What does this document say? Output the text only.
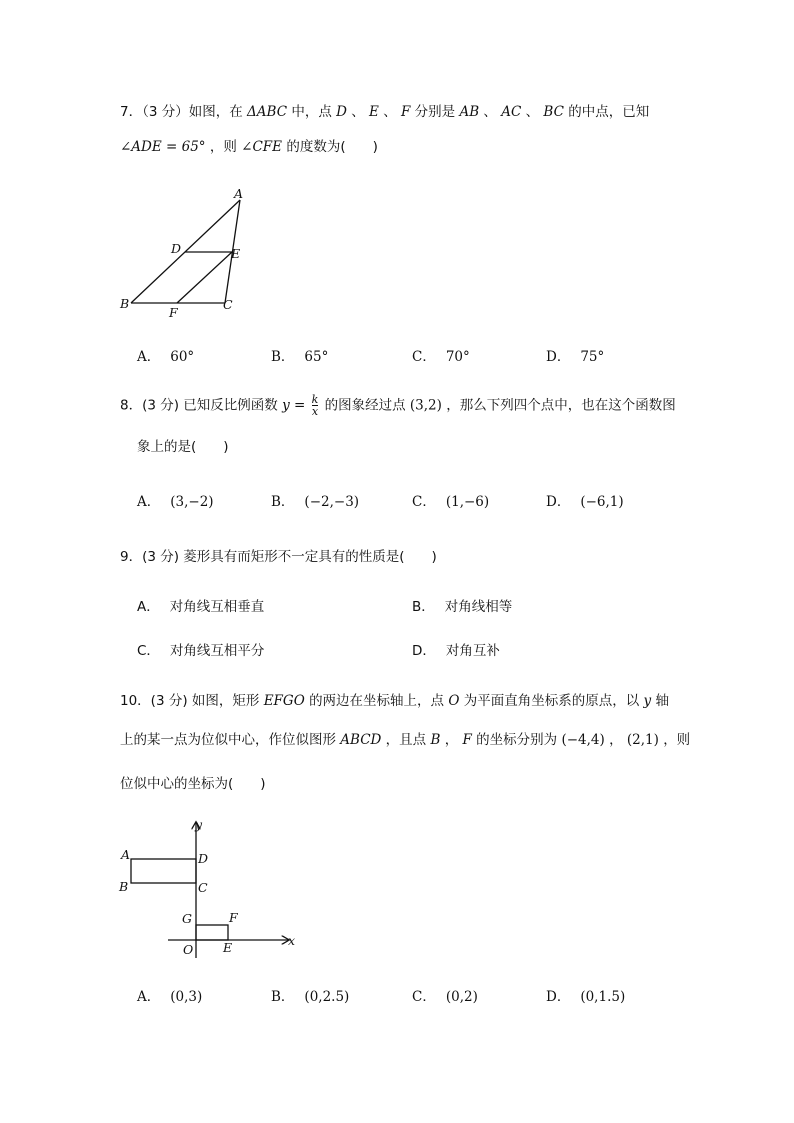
7．（3 分）如图，在 ΔABC 中，点 D 、 E 、 F 分别是 AB 、 AC 、 BC 的中点，已知
∠ADE = 65° ，则 ∠CFE 的度数为(　　)
A
D	E
B
F
C
A． 60°	B． 65°	C． 70°	D． 75°
8．(3 分) 已知反比例函数 $y = \frac{k}{x}$ 的图象经过点 (3,2) ，那么下列四个点中，也在这个函数图
象上的是(　　)
A． (3,−2)	B． (−2,−3)	C． (1,−6)	D． (−6,1)
9．(3 分) 菱形具有而矩形不一定具有的性质是(　　)
A． 对角线互相垂直	B． 对角线相等
C． 对角线互相平分	D． 对角互补
10．(3 分) 如图，矩形 EFGO 的两边在坐标轴上，点 O 为平面直角坐标系的原点，以 y 轴
上的某一点为位似中心，作位似图形 ABCD ，且点 B ， F 的坐标分别为 (−4,4) ， (2,1) ，则
位似中心的坐标为(　　)
y
A	D
B	C
G	F
O E	x
A． (0,3)	B． (0,2.5)	C． (0,2)	D． (0,1.5)
